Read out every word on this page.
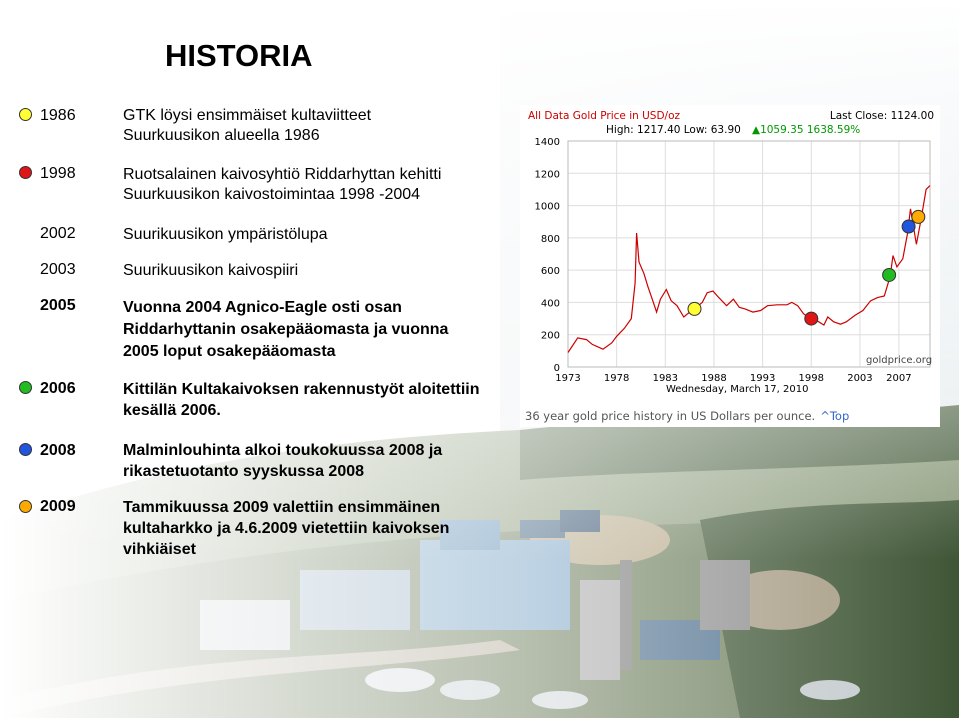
HISTORIA
1986	GTK löysi ensimmäiset kultaviitteet
Suurkuusikon alueella 1986
1998	Ruotsalainen kaivosyhtiö Riddarhyttan kehitti
Suurkuusikon kaivostoimintaa 1998 -2004
2002	Suurikuusikon ympäristölupa
2003	Suurikuusikon kaivospiiri
2005	Vuonna 2004 Agnico-Eagle osti osan
Riddarhyttanin osakepääomasta ja vuonna
2005 loput osakepääomasta
2006	Kittilän Kultakaivoksen rakennustyöt aloitettiin
kesällä 2006.
2008	Malminlouhinta alkoi toukokuussa 2008 ja
rikastetuotanto syyskussa 2008
2009	Tammikuussa 2009 valettiin ensimmäinen
kultaharkko ja 4.6.2009 vietettiin kaivoksen
vihkiäiset
All Data Gold Price in USD/oz	Last Close: 1124.00
High: 1217.40 Low: 63.90 ▲1059.35 1638.59%
0
200
400
600
800
1000
1200
1400
1973 1978 1983 1988 1993 1998 2003 2007
goldprice.org
Wednesday, March 17, 2010
36 year gold price history in US Dollars per ounce. ^Top
